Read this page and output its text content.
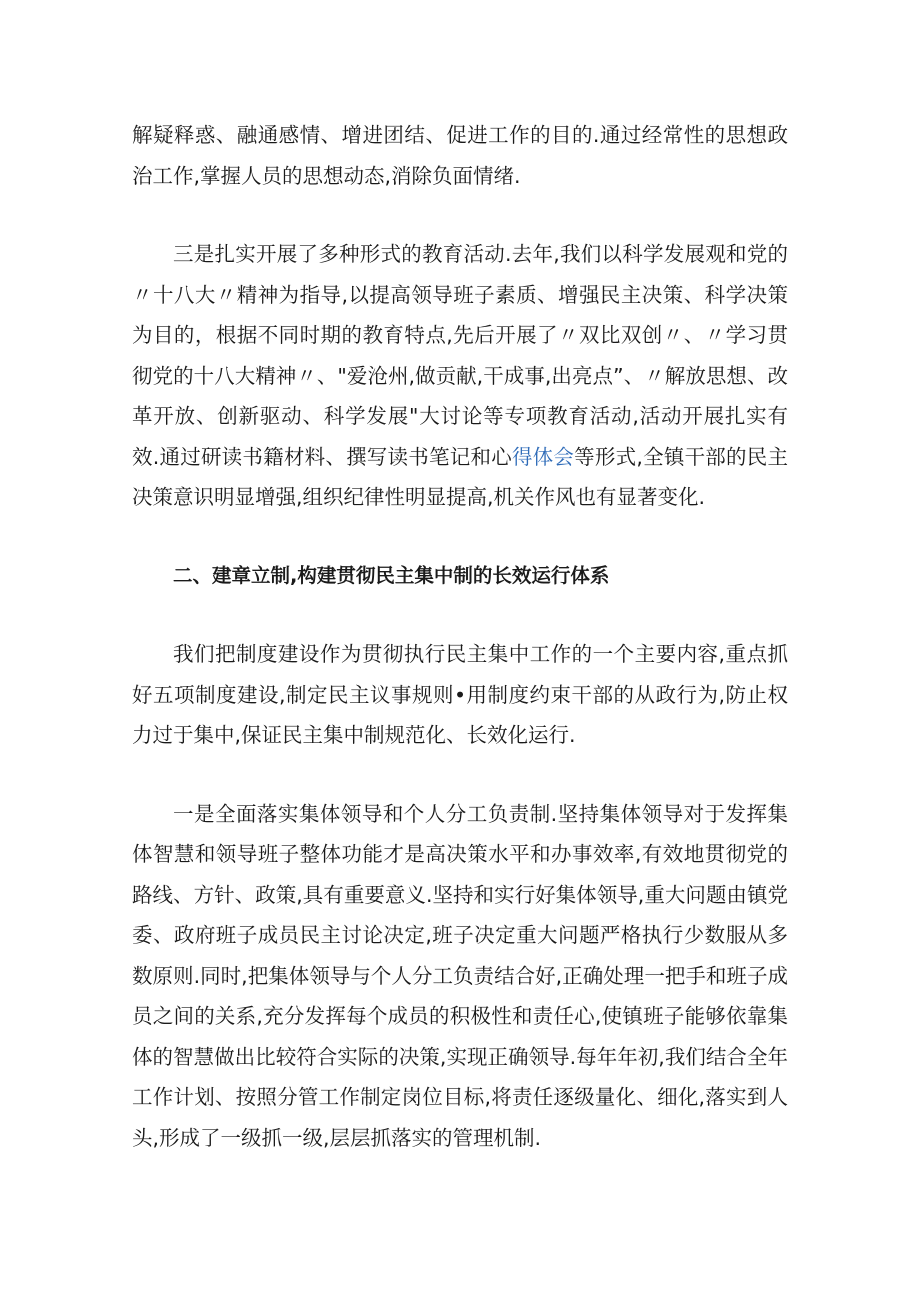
解疑释惑、融通感情、增进团结、促进工作的目的.通过经常性的思想政治工作,掌握人员的思想动态,消除负面情绪.

三是扎实开展了多种形式的教育活动.去年,我们以科学发展观和党的〃十八大〃精神为指导,以提高领导班子素质、增强民主决策、科学决策为目的，根据不同时期的教育特点,先后开展了〃双比双创〃、〃学习贯彻党的十八大精神〃、"爱沧州,做贡献,干成事,出亮点”、〃解放思想、改革开放、创新驱动、科学发展"大讨论等专项教育活动,活动开展扎实有效.通过研读书籍材料、撰写读书笔记和心得体会等形式,全镇干部的民主决策意识明显增强,组织纪律性明显提高,机关作风也有显著变化.

二、建章立制,构建贯彻民主集中制的长效运行体系

我们把制度建设作为贯彻执行民主集中工作的一个主要内容,重点抓好五项制度建设,制定民主议事规则•用制度约束干部的从政行为,防止权力过于集中,保证民主集中制规范化、长效化运行.

一是全面落实集体领导和个人分工负责制.坚持集体领导对于发挥集体智慧和领导班子整体功能才是高决策水平和办事效率,有效地贯彻党的路线、方针、政策,具有重要意义.坚持和实行好集体领导,重大问题由镇党委、政府班子成员民主讨论决定,班子决定重大问题严格执行少数服从多数原则.同时,把集体领导与个人分工负责结合好,正确处理一把手和班子成员之间的关系,充分发挥每个成员的积极性和责任心,使镇班子能够依靠集体的智慧做出比较符合实际的决策,实现正确领导.每年年初,我们结合全年工作计划、按照分管工作制定岗位目标,将责任逐级量化、细化,落实到人头,形成了一级抓一级,层层抓落实的管理机制.
